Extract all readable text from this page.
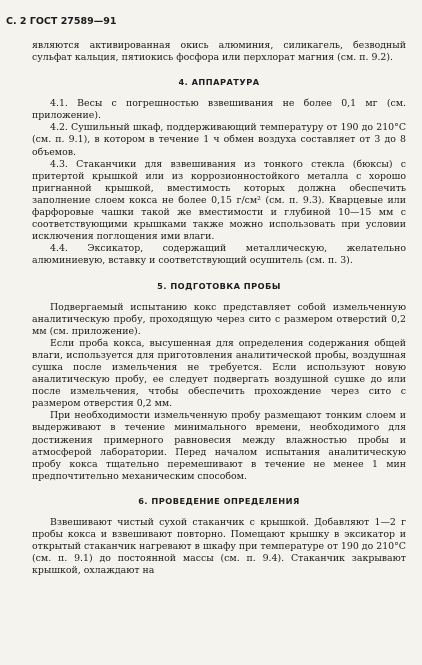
С. 2 ГОСТ 27589—91

являются активированная окись алюминия, силикагель, безводный сульфат кальция, пятиокись фосфора или перхлорат магния (см. п. 9.2).

4. АППАРАТУРА

4.1. Весы с погрешностью взвешивания не более 0,1 мг (см. приложение).

4.2. Сушильный шкаф, поддерживающий температуру от 190 до 210°С (см. п. 9.1), в котором в течение 1 ч обмен воздуха составляет от 3 до 8 объемов.

4.3. Стаканчики для взвешивания из тонкого стекла (бюксы) с притертой крышкой или из коррозионностойкого металла с хорошо пригнанной крышкой, вместимость которых должна обеспечить заполнение слоем кокса не более 0,15 г/см² (см. п. 9.3). Кварцевые или фарфоровые чашки такой же вместимости и глубиной 10—15 мм с соответствующими крышками также можно использовать при условии исключения поглощения ими влаги.

4.4. Эксикатор, содержащий металлическую, желательно алюминиевую, вставку и соответствующий осушитель (см. п. 3).

5. ПОДГОТОВКА ПРОБЫ

Подвергаемый испытанию кокс представляет собой измельченную аналитическую пробу, проходящую через сито с размером отверстий 0,2 мм (см. приложение).

Если проба кокса, высушенная для определения содержания общей влаги, используется для приготовления аналитической пробы, воздушная сушка после измельчения не требуется. Если используют новую аналитическую пробу, ее следует подвергать воздушной сушке до или после измельчения, чтобы обеспечить прохождение через сито с размером отверстия 0,2 мм.

При необходимости измельченную пробу размещают тонким слоем и выдерживают в течение минимального времени, необходимого для достижения примерного равновесия между влажностью пробы и атмосферой лаборатории. Перед началом испытания аналитическую пробу кокса тщательно перемешивают в течение не менее 1 мин предпочтительно механическим способом.

6. ПРОВЕДЕНИЕ ОПРЕДЕЛЕНИЯ

Взвешивают чистый сухой стаканчик с крышкой. Добавляют 1—2 г пробы кокса и взвешивают повторно. Помещают крышку в эксикатор и открытый стаканчик нагревают в шкафу при температуре от 190 до 210°С (см. п. 9.1) до постоянной массы (см. п. 9.4). Стаканчик закрывают крышкой, охлаждают на
